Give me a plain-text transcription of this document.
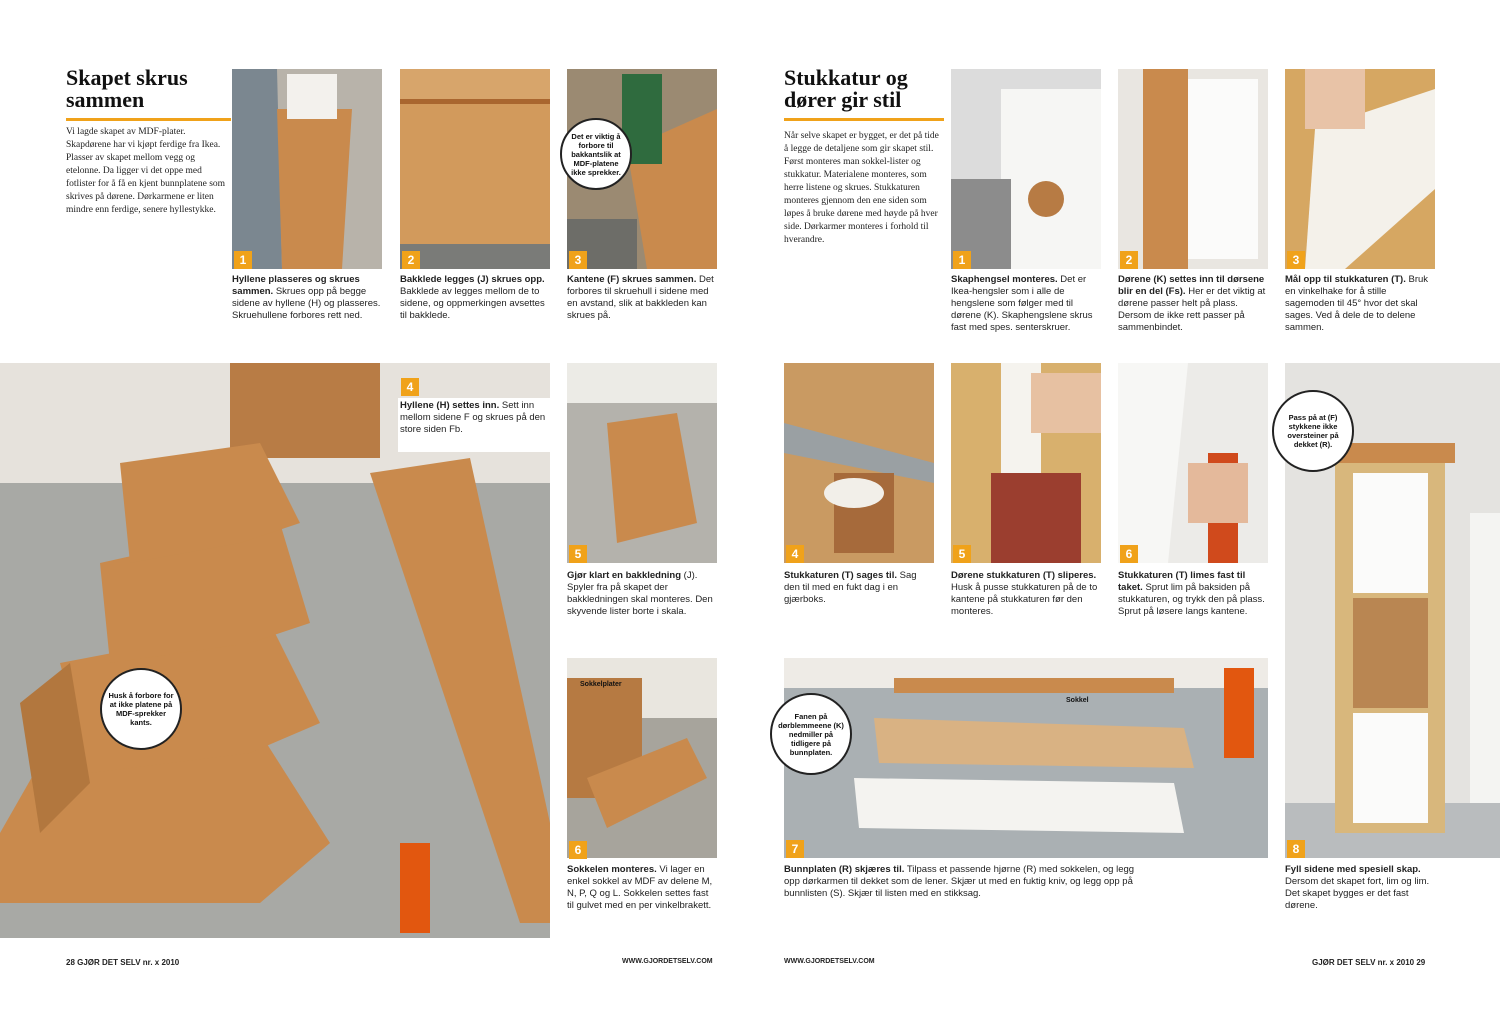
Skapet skrus sammen
Vi lagde skapet av MDF-plater. Skapdørene har vi kjøpt ferdige fra Ikea. Plasser av skapet mellom vegg og etelonne. Da ligger vi det oppe med fotlister for å få en kjent bunnplatene som skrives på dørene. Dørkarmene er liten mindre enn ferdige, senere hyllestykke.
1
Hyllene plasseres og skrues sammen. Skrues opp på begge sidene av hyllene (H) og plasseres. Skruehullene forbores rett ned.
2
Bakklede legges (J) skrues opp. Bakklede av legges mellom de to sidene, og oppmerkingen avsettes til bakklede.
Det er viktig å forbore til bakkantslik at MDF-platene ikke sprekker.
3
Kantene (F) skrues sammen. Det forbores til skruehull i sidene med en avstand, slik at bakkleden kan skrues på.
4
Hyllene (H) settes inn. Sett inn mellom sidene F og skrues på den store siden Fb.
Husk å forbore for at ikke platene på MDF-sprekker kants.
5
Gjør klart en bakkledning (J). Spyler fra på skapet der bakkledningen skal monteres. Den skyvende lister borte i skala.
Sokkelplater
6
Sokkelen monteres. Vi lager en enkel sokkel av MDF av delene M, N, P, Q og L. Sokkelen settes fast til gulvet med en per vinkelbrakett.
28 GJØR DET SELV nr. x 2010	WWW.GJORDETSELV.COM
Stukkatur og dører gir stil
Når selve skapet er bygget, er det på tide å legge de detaljene som gir skapet stil. Først monteres man sokkel-lister og stukkatur. Materialene monteres, som herre listene og skrues. Stukkaturen monteres gjennom den ene siden som løpes å bruke dørene med høyde på hver side. Dørkarmer monteres i forhold til hverandre.
1
Skaphengsel monteres. Det er Ikea-hengsler som i alle de hengslene som følger med til dørene (K). Skaphengslene skrus fast med spes. senterskruer.
2
Dørene (K) settes inn til dørsene blir en del (Fs). Her er det viktig at dørene passer helt på plass. Dersom de ikke rett passer på sammenbindet.
3
Mål opp til stukkaturen (T). Bruk en vinkelhake for å stille sagemoden til 45° hvor det skal sages. Ved å dele de to delene sammen.
4
Stukkaturen (T) sages til. Sag den til med en fukt dag i en gjærboks.
5
Dørene stukkaturen (T) sliperes. Husk å pusse stukkaturen på de to kantene på stukkaturen før den monteres.
6
Stukkaturen (T) limes fast til taket. Sprut lim på baksiden på stukkaturen, og trykk den på plass. Sprut på løsere langs kantene.
Sokkel
Fanen på dørblemmeene (K) nedmiller på tidligere på bunnplaten.
7
Bunnplaten (R) skjæres til. Tilpass et passende hjørne (R) med sokkelen, og legg opp dørkarmen til dekket som de lener. Skjær ut med en fuktig kniv, og legg opp på bunnlisten (S). Skjær til listen med en stikksag.
Pass på at (F) stykkene ikke oversteiner på dekket (R).
8
Fyll sidene med spesiell skap. Dersom det skapet fort, lim og lim. Det skapet bygges er det fast dørene.
WWW.GJORDETSELV.COM	GJØR DET SELV nr. x 2010 29
